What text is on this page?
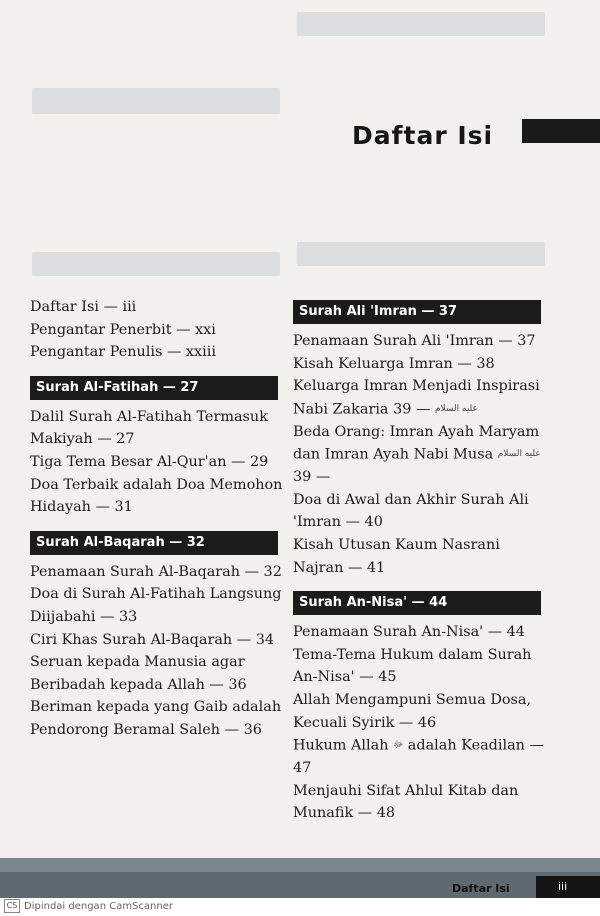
Daftar Isi

Daftar Isi — iii

Pengantar Penerbit — xxi

Pengantar Penulis — xxiii

Surah Al-Fatihah — 27

Dalil Surah Al-Fatihah Termasuk Makiyah — 27

Tiga Tema Besar Al-Qur'an — 29

Doa Terbaik adalah Doa Memohon Hidayah — 31

Surah Al-Baqarah — 32

Penamaan Surah Al-Baqarah — 32

Doa di Surah Al-Fatihah Langsung Diijabahi — 33

Ciri Khas Surah Al-Baqarah — 34

Seruan kepada Manusia agar Beribadah kepada Allah — 36

Beriman kepada yang Gaib adalah Pendorong Beramal Saleh — 36

Surah Ali 'Imran — 37

Penamaan Surah Ali 'Imran — 37

Kisah Keluarga Imran — 38

Keluarga Imran Menjadi Inspirasi Nabi Zakaria	عليه السلام — 39

Beda Orang: Imran Ayah Maryam dan Imran Ayah Nabi Musa عليه السلام — 39

Doa di Awal dan Akhir Surah Ali 'Imran — 40

Kisah Utusan Kaum Nasrani Najran — 41

Surah An-Nisa' — 44

Penamaan Surah An-Nisa' — 44

Tema-Tema Hukum dalam Surah An-Nisa' — 45

Allah Mengampuni Semua Dosa, Kecuali Syirik — 46

Hukum Allah ﷻ adalah Keadilan — 47

Menjauhi Sifat Ahlul Kitab dan Munafik — 48

Daftar Isi	iii
CS Dipindai dengan CamScanner
